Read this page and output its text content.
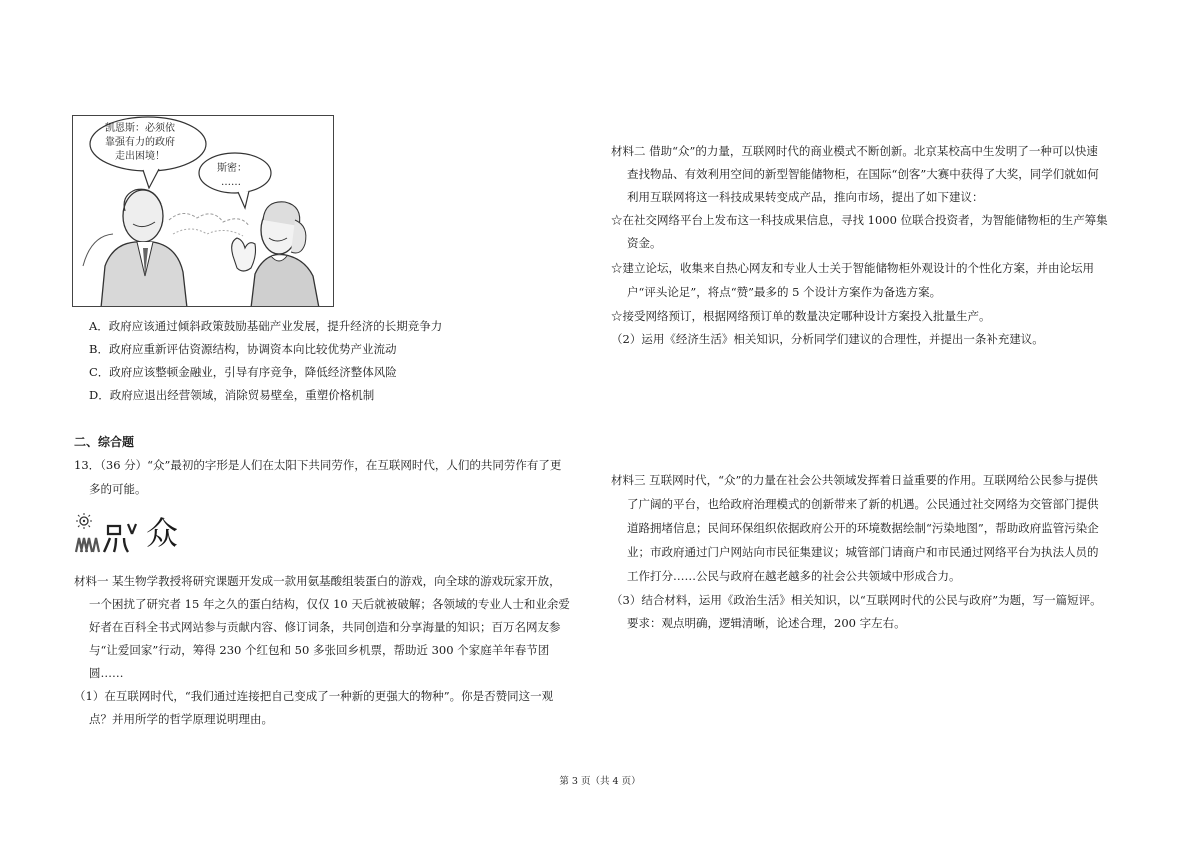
凯恩斯：必须依
靠强有力的政府
走出困境！
斯密：
……
A．政府应该通过倾斜政策鼓励基础产业发展，提升经济的长期竞争力
B．政府应重新评估资源结构，协调资本向比较优势产业流动
C．政府应该整顿金融业，引导有序竞争，降低经济整体风险
D．政府应退出经营领域，消除贸易壁垒，重塑价格机制
二、综合题
13．（36 分）“众”最初的字形是人们在太阳下共同劳作，在互联网时代，人们的共同劳作有了更
多的可能。
众
材料一 某生物学教授将研究课题开发成一款用氨基酸组装蛋白的游戏，向全球的游戏玩家开放，
一个困扰了研究者 15 年之久的蛋白结构，仅仅 10 天后就被破解；各领域的专业人士和业余爱
好者在百科全书式网站参与贡献内容、修订词条，共同创造和分享海量的知识；百万名网友参
与“让爱回家”行动，筹得 230 个红包和 50 多张回乡机票，帮助近 300 个家庭羊年春节团
圆……
（1）在互联网时代，“我们通过连接把自己变成了一种新的更强大的物种”。你是否赞同这一观
点？并用所学的哲学原理说明理由。
材料二 借助“众”的力量，互联网时代的商业模式不断创新。北京某校高中生发明了一种可以快速
查找物品、有效利用空间的新型智能储物柜，在国际“创客”大赛中获得了大奖，同学们就如何
利用互联网将这一科技成果转变成产品，推向市场，提出了如下建议：
☆在社交网络平台上发布这一科技成果信息，寻找 1000 位联合投资者，为智能储物柜的生产筹集
资金。
☆建立论坛，收集来自热心网友和专业人士关于智能储物柜外观设计的个性化方案，并由论坛用
户“评头论足”，将点“赞”最多的 5 个设计方案作为备选方案。
☆接受网络预订，根据网络预订单的数量决定哪种设计方案投入批量生产。
（2）运用《经济生活》相关知识，分析同学们建议的合理性，并提出一条补充建议。
材料三 互联网时代，“众”的力量在社会公共领域发挥着日益重要的作用。互联网给公民参与提供
了广阔的平台，也给政府治理模式的创新带来了新的机遇。公民通过社交网络为交管部门提供
道路拥堵信息；民间环保组织依据政府公开的环境数据绘制“污染地图”，帮助政府监管污染企
业；市政府通过门户网站向市民征集建议；城管部门请商户和市民通过网络平台为执法人员的
工作打分……公民与政府在越老越多的社会公共领域中形成合力。
（3）结合材料，运用《政治生活》相关知识，以“互联网时代的公民与政府”为题，写一篇短评。
要求：观点明确，逻辑清晰，论述合理，200 字左右。
第 3 页（共 4 页）
